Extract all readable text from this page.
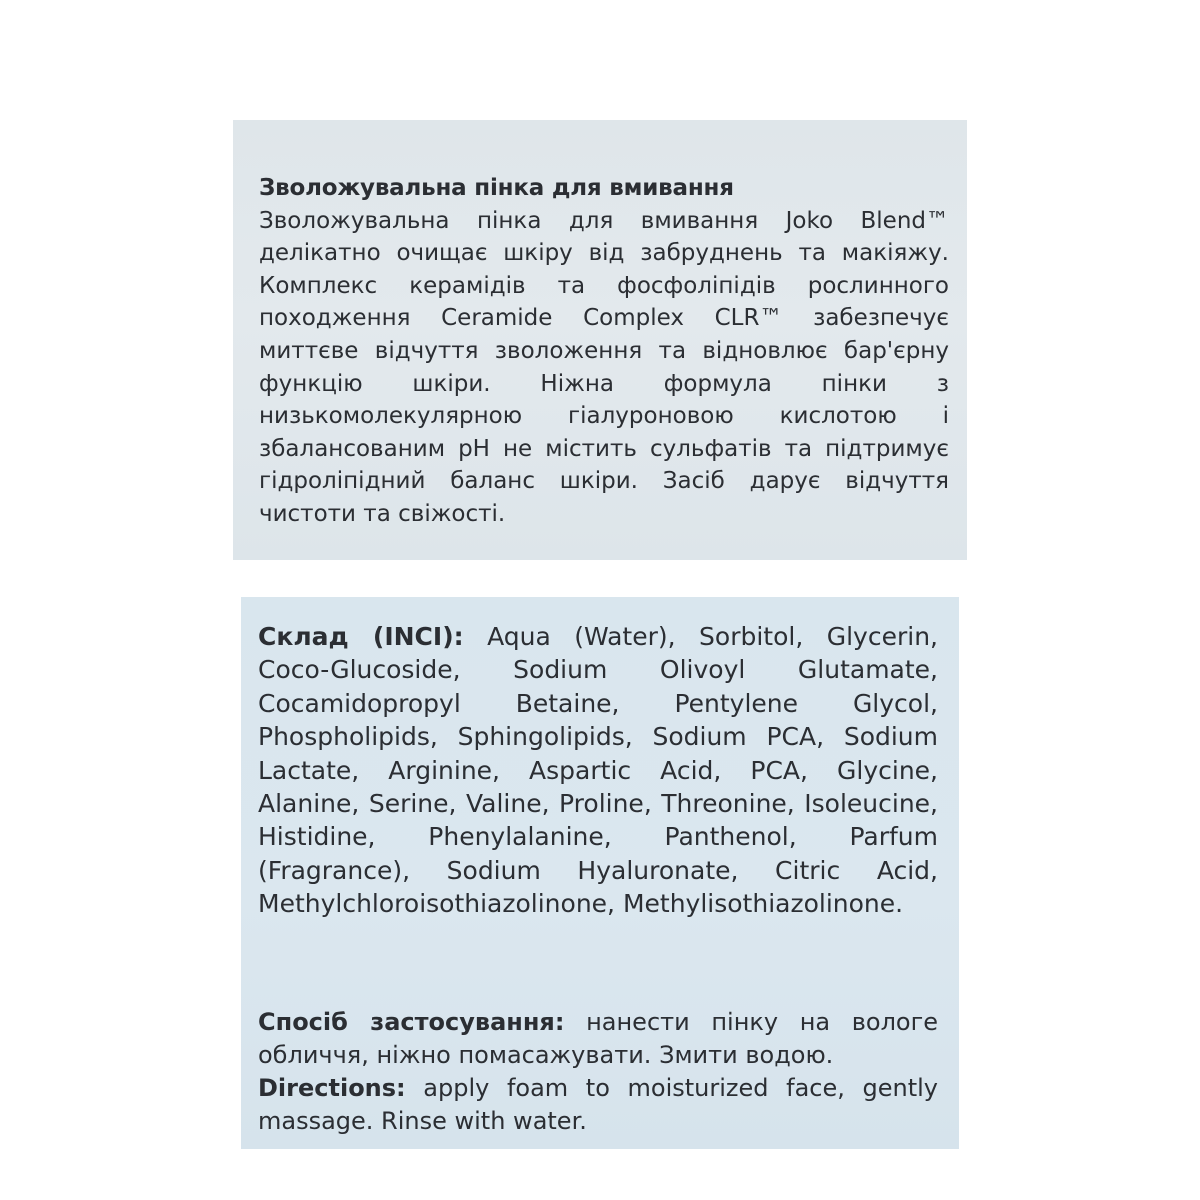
Зволожувальна пінка для вмивання
Зволожувальна пінка для вмивання Joko Blend™ делікатно очищає шкіру від забруднень та макіяжу. Комплекс керамідів та фосфоліпідів рослинного походження Ceramide Complex CLR™ забезпечує миттєве відчуття зволоження та відновлює бар'єрну функцію шкіри. Ніжна формула пінки з низькомолекулярною гіалуроновою кислотою і збалансованим pH не містить сульфатів та підтримує гідроліпідний баланс шкіри. Засіб дарує відчуття чистоти та свіжості.

Склад (INCI): Aqua (Water), Sorbitol, Glycerin, Coco-Glucoside, Sodium Olivoyl Glutamate, Cocamidopropyl Betaine, Pentylene Glycol, Phospholipids, Sphingolipids, Sodium PCA, Sodium Lactate, Arginine, Aspartic Acid, PCA, Glycine, Alanine, Serine, Valine, Proline, Threonine, Isoleucine, Histidine, Phenylalanine, Panthenol, Parfum (Fragrance), Sodium Hyaluronate, Citric Acid, Methylchloroisothiazolinone, Methylisothiazolinone.

Спосіб застосування: нанести пінку на вологе обличчя, ніжно помасажувати. Змити водою.
Directions: apply foam to moisturized face, gently massage. Rinse with water.
